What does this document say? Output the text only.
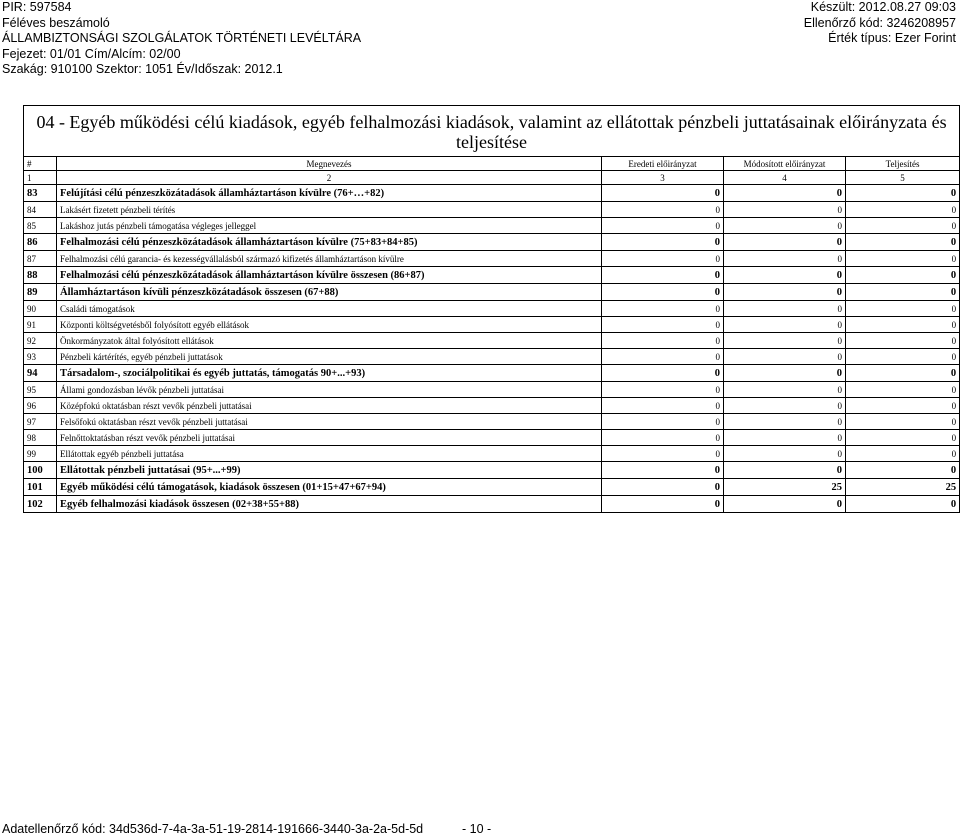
PIR: 597584
Féléves beszámoló
ÁLLAMBIZTONSÁGI SZOLGÁLATOK TÖRTÉNETI LEVÉLTÁRA
Fejezet: 01/01 Cím/Alcím: 02/00
Szakág: 910100 Szektor: 1051 Év/Időszak: 2012.1
Készült: 2012.08.27 09:03
Ellenőrző kód: 3246208957
Érték típus: Ezer Forint
04 - Egyéb működési célú kiadások, egyéb felhalmozási kiadások, valamint az ellátottak pénzbeli juttatásainak előirányzata és teljesítése				
#	Megnevezés	Eredeti előirányzat	Módosított előirányzat	Teljesítés
1	2	3	4	5
83	Felújítási célú pénzeszközátadások államháztartáson kívülre (76+…+82)	0	0	0
84	Lakásért fizetett pénzbeli térítés	0	0	0
85	Lakáshoz jutás pénzbeli támogatása végleges jelleggel	0	0	0
86	Felhalmozási célú pénzeszközátadások államháztartáson kívülre (75+83+84+85)	0	0	0
87	Felhalmozási célú garancia- és kezességvállalásból származó kifizetés államháztartáson kívülre	0	0	0
88	Felhalmozási célú pénzeszközátadások államháztartáson kívülre összesen (86+87)	0	0	0
89	Államháztartáson kívüli pénzeszközátadások összesen (67+88)	0	0	0
90	Családi támogatások	0	0	0
91	Központi költségvetésből folyósított egyéb ellátások	0	0	0
92	Önkormányzatok által folyósított ellátások	0	0	0
93	Pénzbeli kártérítés, egyéb pénzbeli juttatások	0	0	0
94	Társadalom-, szociálpolitikai és egyéb juttatás, támogatás 90+...+93)	0	0	0
95	Állami gondozásban lévők pénzbeli juttatásai	0	0	0
96	Középfokú oktatásban részt vevők pénzbeli juttatásai	0	0	0
97	Felsőfokú oktatásban részt vevők pénzbeli juttatásai	0	0	0
98	Felnőttoktatásban részt vevők pénzbeli juttatásai	0	0	0
99	Ellátottak egyéb pénzbeli juttatása	0	0	0
100	Ellátottak pénzbeli juttatásai (95+...+99)	0	0	0
101	Egyéb működési célú támogatások, kiadások összesen (01+15+47+67+94)	0	25	25
102	Egyéb felhalmozási kiadások összesen (02+38+55+88)	0	0	0
Adatellenőrző kód: 34d536d-7-4a-3a-51-19-2814-191666-3440-3a-2a-5d-5d	- 10 -
